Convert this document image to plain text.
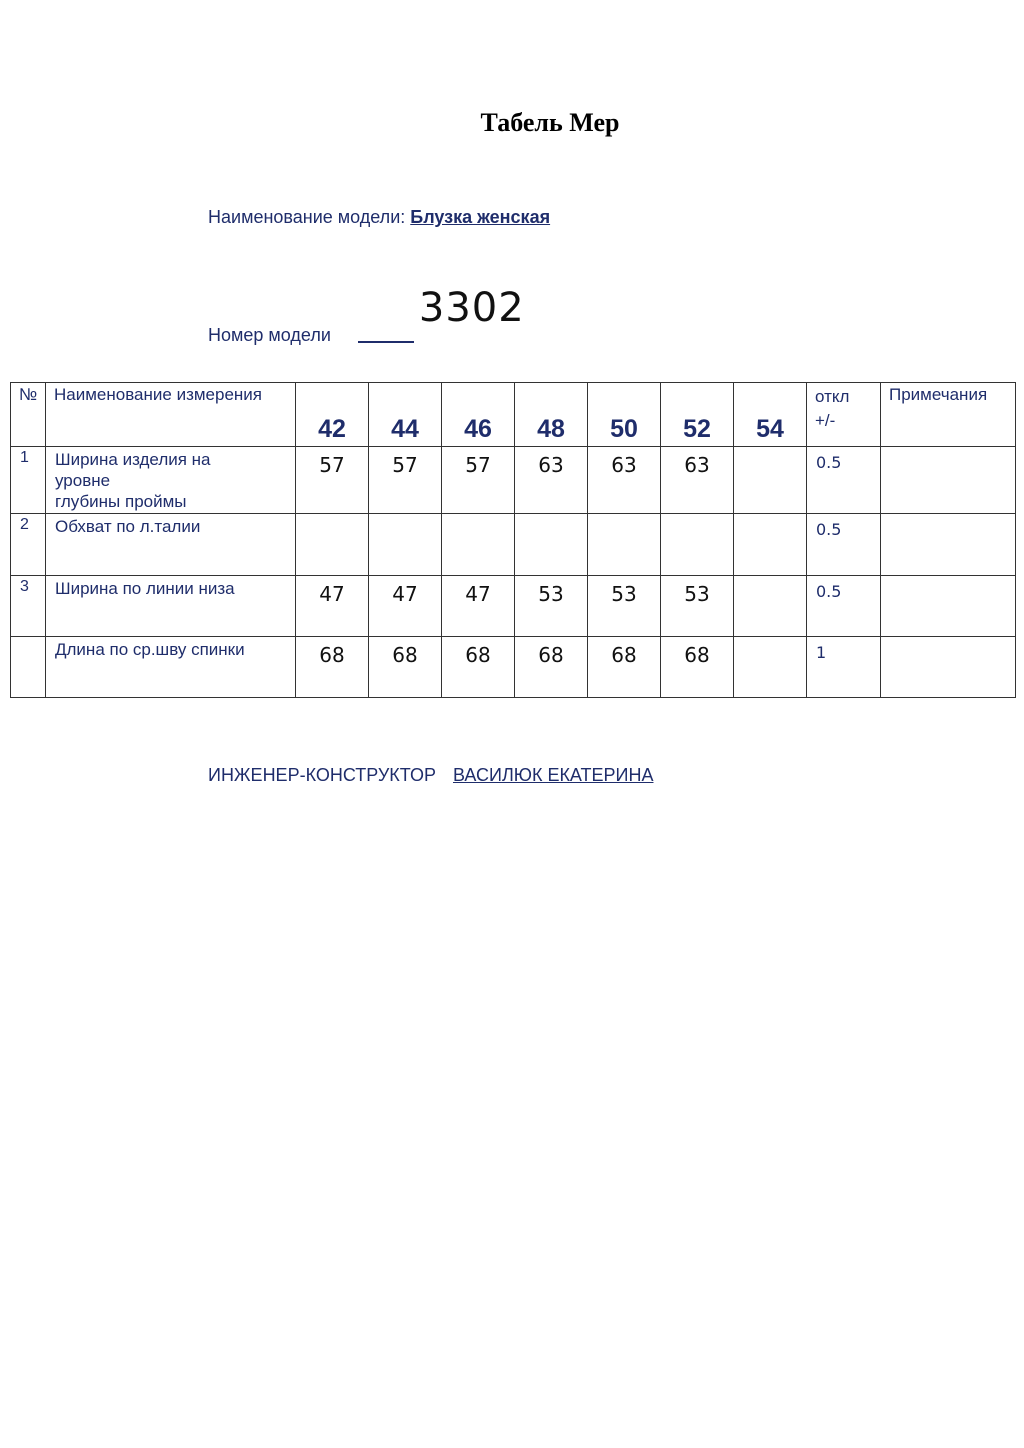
Табель Мер
Наименование модели: Блузка женская
Номер модели  3302
№	Наименование измерения	42	44	46	48	50	52	54	откл +/-	Примечания
1	Ширина изделия на
уровне
глубины проймы	57	57	57	63	63	63		0.5	
2	Обхват по л.талии								0.5	
3	Ширина по линии низа	47	47	47	53	53	53		0.5	

	Длина по ср.шву спинки	68	68	68	68	68	68		1	
ИНЖЕНЕР-КОНСТРУКТОР ВАСИЛЮК ЕКАТЕРИНА
